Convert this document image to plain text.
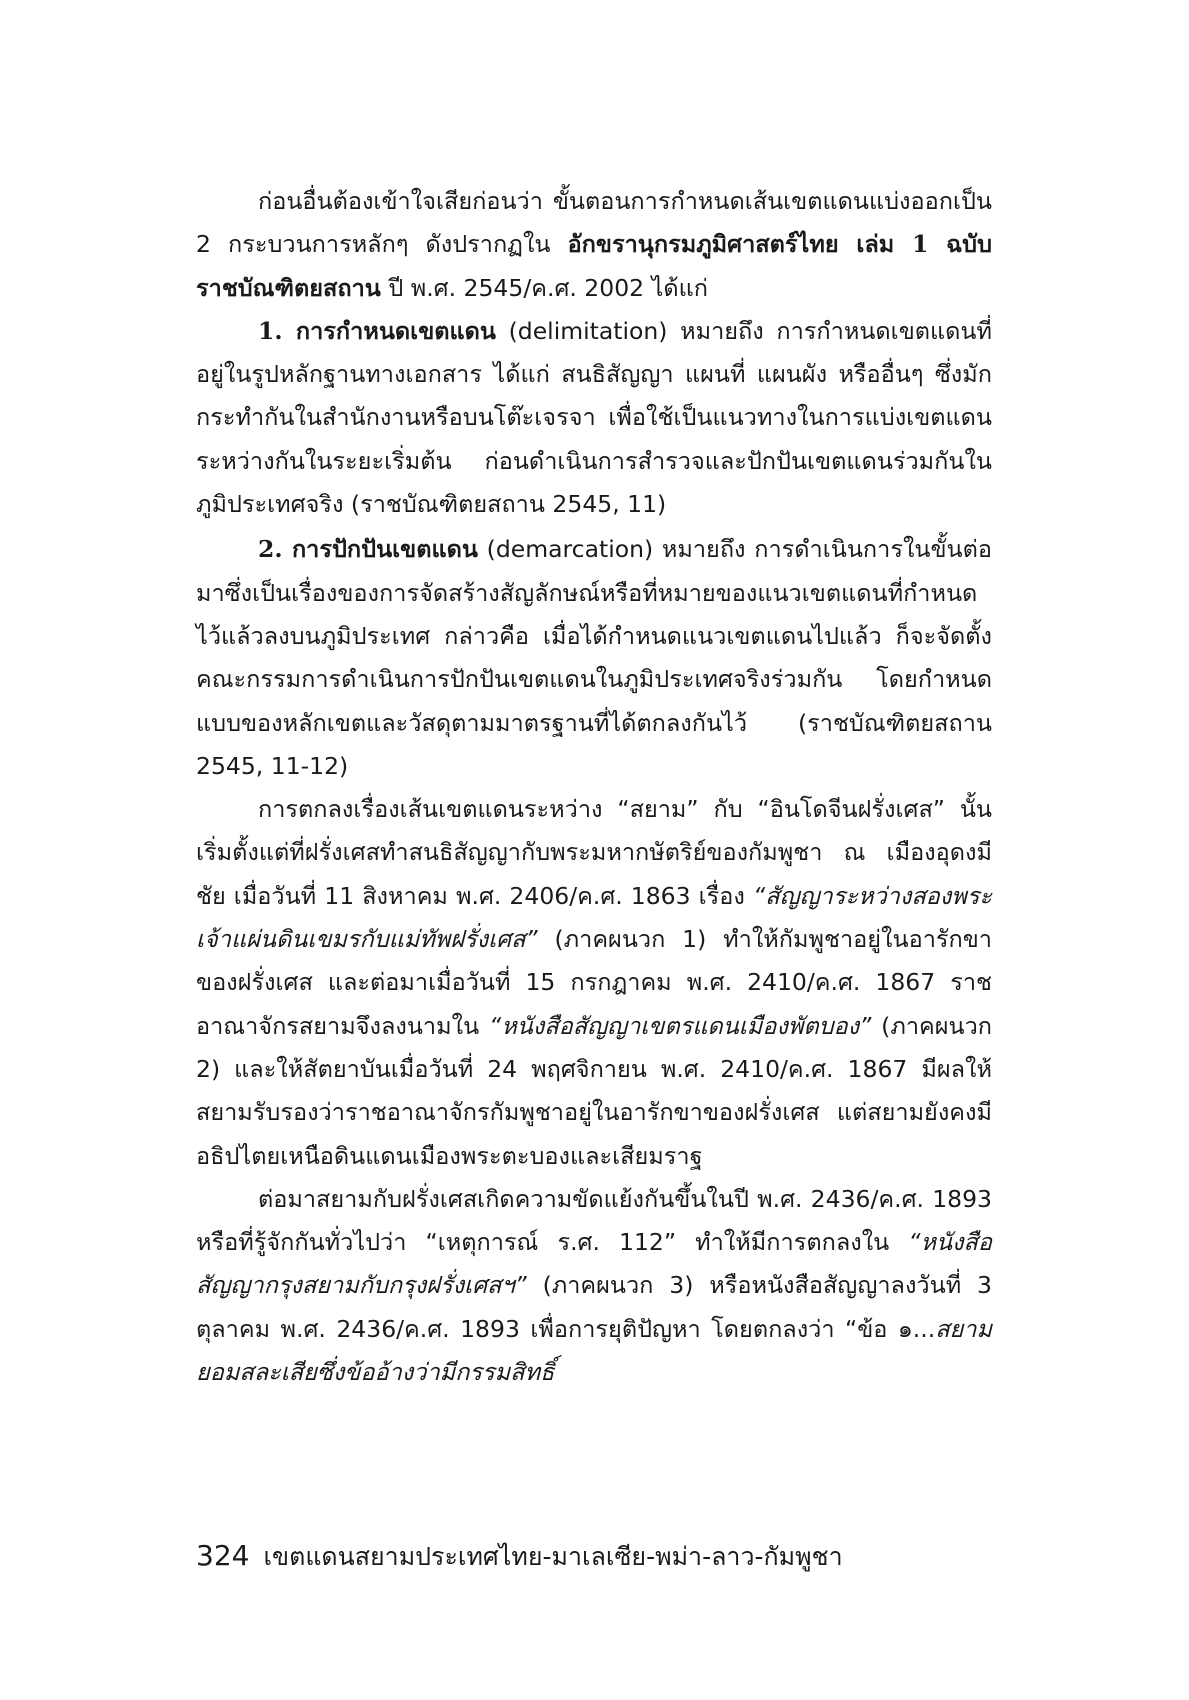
ก่อนอื่นต้องเข้าใจเสียก่อนว่า ขั้นตอนการกำหนดเส้นเขตแดนแบ่งออกเป็น 2 กระบวนการหลักๆ ดังปรากฏใน อักขรานุกรมภูมิศาสตร์ไทย เล่ม 1 ฉบับราชบัณฑิตยสถาน ปี พ.ศ. 2545/ค.ศ. 2002 ได้แก่

1. การกำหนดเขตแดน (delimitation) หมายถึง การกำหนดเขตแดนที่อยู่ในรูปหลักฐานทางเอกสาร ได้แก่ สนธิสัญญา แผนที่ แผนผัง หรืออื่นๆ ซึ่งมักกระทำกันในสำนักงานหรือบนโต๊ะเจรจา เพื่อใช้เป็นแนวทางในการแบ่งเขตแดนระหว่างกันในระยะเริ่มต้น ก่อนดำเนินการสำรวจและปักปันเขตแดนร่วมกันในภูมิประเทศจริง (ราชบัณฑิตยสถาน 2545, 11)

2. การปักปันเขตแดน (demarcation) หมายถึง การดำเนินการในขั้นต่อมาซึ่งเป็นเรื่องของการจัดสร้างสัญลักษณ์หรือที่หมายของแนวเขตแดนที่กำหนดไว้แล้วลงบนภูมิประเทศ กล่าวคือ เมื่อได้กำหนดแนวเขตแดนไปแล้ว ก็จะจัดตั้งคณะกรรมการดำเนินการปักปันเขตแดนในภูมิประเทศจริงร่วมกัน โดยกำหนดแบบของหลักเขตและวัสดุตามมาตรฐานที่ได้ตกลงกันไว้ (ราชบัณฑิตยสถาน 2545, 11-12)

การตกลงเรื่องเส้นเขตแดนระหว่าง “สยาม” กับ “อินโดจีนฝรั่งเศส” นั้น เริ่มตั้งแต่ที่ฝรั่งเศสทำสนธิสัญญากับพระมหากษัตริย์ของกัมพูชา ณ เมืองอุดงมีชัย เมื่อวันที่ 11 สิงหาคม พ.ศ. 2406/ค.ศ. 1863 เรื่อง “สัญญาระหว่างสองพระเจ้าแผ่นดินเขมรกับแม่ทัพฝรั่งเศส” (ภาคผนวก 1) ทำให้กัมพูชาอยู่ในอารักขาของฝรั่งเศส และต่อมาเมื่อวันที่ 15 กรกฎาคม พ.ศ. 2410/ค.ศ. 1867 ราชอาณาจักรสยามจึงลงนามใน “หนังสือสัญญาเขตรแดนเมืองพัตบอง” (ภาคผนวก 2) และให้สัตยาบันเมื่อวันที่ 24 พฤศจิกายน พ.ศ. 2410/ค.ศ. 1867 มีผลให้สยามรับรองว่าราชอาณาจักรกัมพูชาอยู่ในอารักขาของฝรั่งเศส แต่สยามยังคงมีอธิปไตยเหนือดินแดนเมืองพระตะบองและเสียมราฐ

ต่อมาสยามกับฝรั่งเศสเกิดความขัดแย้งกันขึ้นในปี พ.ศ. 2436/ค.ศ. 1893 หรือที่รู้จักกันทั่วไปว่า “เหตุการณ์ ร.ศ. 112” ทำให้มีการตกลงใน “หนังสือสัญญากรุงสยามกับกรุงฝรั่งเศสฯ” (ภาคผนวก 3) หรือหนังสือสัญญาลงวันที่ 3 ตุลาคม พ.ศ. 2436/ค.ศ. 1893 เพื่อการยุติปัญหา โดยตกลงว่า “ข้อ ๑...สยามยอมสละเสียซึ่งข้ออ้างว่ามีกรรมสิทธิ์

324 เขตแดนสยามประเทศไทย-มาเลเซีย-พม่า-ลาว-กัมพูชา
